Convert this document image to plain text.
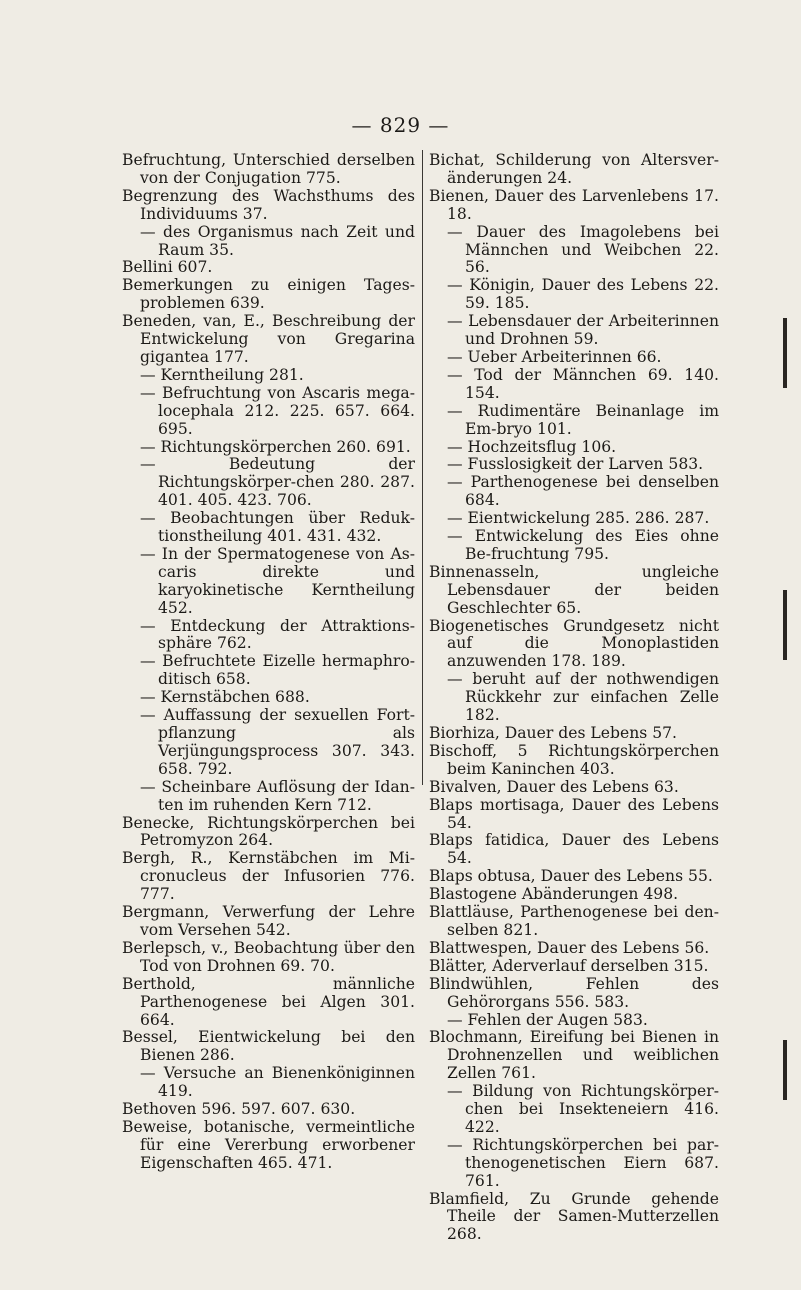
— 829 —

Befruchtung, Unterschied derselben von der Conjugation 775.

Begrenzung des Wachsthums des Individuums 37.

— des Organismus nach Zeit und Raum 35.

Bellini 607.

Bemerkungen zu einigen Tages-problemen 639.

Beneden, van, E., Beschreibung der Entwickelung von Gregarina gigantea 177.

— Kerntheilung 281.

— Befruchtung von Ascaris mega-locephala 212. 225. 657. 664. 695.

— Richtungskörperchen 260. 691.

— Bedeutung der Richtungskörper-chen 280. 287. 401. 405. 423. 706.

— Beobachtungen über Reduk-tionstheilung 401. 431. 432.

— In der Spermatogenese von As-caris direkte und karyokinetische Kerntheilung 452.

— Entdeckung der Attraktions-sphäre 762.

— Befruchtete Eizelle hermaphro-ditisch 658.

— Kernstäbchen 688.

— Auffassung der sexuellen Fort-pflanzung als Verjüngungsprocess 307. 343. 658. 792.

— Scheinbare Auflösung der Idan-ten im ruhenden Kern 712.

Benecke, Richtungskörperchen bei Petromyzon 264.

Bergh, R., Kernstäbchen im Mi-cronucleus der Infusorien 776. 777.

Bergmann, Verwerfung der Lehre vom Versehen 542.

Berlepsch, v., Beobachtung über den Tod von Drohnen 69. 70.

Berthold, männliche Parthenogenese bei Algen 301. 664.

Bessel, Eientwickelung bei den Bienen 286.

— Versuche an Bienenköniginnen 419.

Bethoven 596. 597. 607. 630.

Beweise, botanische, vermeintliche für eine Vererbung erworbener Eigenschaften 465. 471.

Bichat, Schilderung von Altersver-änderungen 24.

Bienen, Dauer des Larvenlebens 17. 18.

— Dauer des Imagolebens bei Männchen und Weibchen 22. 56.

— Königin, Dauer des Lebens 22. 59. 185.

— Lebensdauer der Arbeiterinnen und Drohnen 59.

— Ueber Arbeiterinnen 66.

— Tod der Männchen 69. 140. 154.

— Rudimentäre Beinanlage im Em-bryo 101.

— Hochzeitsflug 106.

— Fusslosigkeit der Larven 583.

— Parthenogenese bei denselben 684.

— Eientwickelung 285. 286. 287.

— Entwickelung des Eies ohne Be-fruchtung 795.

Binnenasseln, ungleiche Lebensdauer der beiden Geschlechter 65.

Biogenetisches Grundgesetz nicht auf die Monoplastiden anzuwenden 178. 189.

— beruht auf der nothwendigen Rückkehr zur einfachen Zelle 182.

Biorhiza, Dauer des Lebens 57.

Bischoff, 5 Richtungskörperchen beim Kaninchen 403.

Bivalven, Dauer des Lebens 63.

Blaps mortisaga, Dauer des Lebens 54.

Blaps fatidica, Dauer des Lebens 54.

Blaps obtusa, Dauer des Lebens 55.

Blastogene Abänderungen 498.

Blattläuse, Parthenogenese bei den-selben 821.

Blattwespen, Dauer des Lebens 56.

Blätter, Aderverlauf derselben 315.

Blindwühlen, Fehlen des Gehörorgans 556. 583.

— Fehlen der Augen 583.

Blochmann, Eireifung bei Bienen in Drohnenzellen und weiblichen Zellen 761.

— Bildung von Richtungskörper-chen bei Insekteneiern 416. 422.

— Richtungskörperchen bei par-thenogenetischen Eiern 687. 761.

Blamfield, Zu Grunde gehende Theile der Samen-Mutterzellen 268.
